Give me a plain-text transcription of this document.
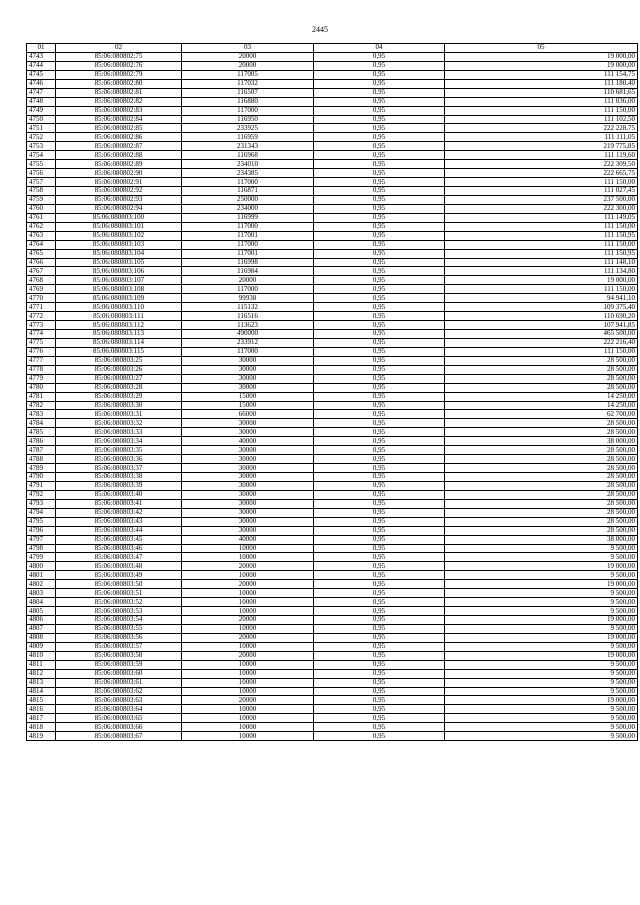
2445
01	02	03	04	05
4743	85:06:080802:75	20000	0,95	19 000,00
4744	85:06:080802:76	20000	0,95	19 000,00
4745	85:06:080802:79	117005	0,95	111 154,75
4746	85:06:080802:80	117032	0,95	111 180,40
4747	85:06:080802:81	116507	0,95	110 681,65
4748	85:06:080802:82	116880	0,95	111 036,00
4749	85:06:080802:83	117000	0,95	111 150,00
4750	85:06:080802:84	116950	0,95	111 102,50
4751	85:06:080802:85	233925	0,95	222 228,75
4752	85:06:080802:86	116959	0,95	111 111,05
4753	85:06:080802:87	231343	0,95	219 775,85
4754	85:06:080802:88	116968	0,95	111 119,60
4755	85:06:080802:89	234010	0,95	222 309,50
4756	85:06:080802:90	234385	0,95	222 665,75
4757	85:06:080802:91	117000	0,95	111 150,00
4758	85:06:080802:92	116871	0,95	111 027,45
4759	85:06:080802:93	250000	0,95	237 500,00
4760	85:06:080802:94	234000	0,95	222 300,00
4761	85:06:080803:100	116999	0,95	111 149,05
4762	85:06:080803:101	117000	0,95	111 150,00
4763	85:06:080803:102	117001	0,95	111 150,95
4764	85:06:080803:103	117000	0,95	111 150,00
4765	85:06:080803:104	117001	0,95	111 150,95
4766	85:06:080803:105	116998	0,95	111 148,10
4767	85:06:080803:106	116984	0,95	111 134,80
4768	85:06:080803:107	20000	0,95	19 000,00
4769	85:06:080803:108	117000	0,95	111 150,00
4770	85:06:080803:109	99938	0,95	94 941,10
4771	85:06:080803:110	115132	0,95	109 375,40
4772	85:06:080803:111	116516	0,95	110 690,20
4773	85:06:080803:112	113623	0,95	107 941,85
4774	85:06:080803:113	490000	0,95	465 500,00
4775	85:06:080803:114	233912	0,95	222 216,40
4776	85:06:080803:115	117000	0,95	111 150,00
4777	85:06:080803:25	30000	0,95	28 500,00
4778	85:06:080803:26	30000	0,95	28 500,00
4779	85:06:080803:27	30000	0,95	28 500,00
4780	85:06:080803:28	30000	0,95	28 500,00
4781	85:06:080803:29	15000	0,95	14 250,00
4782	85:06:080803:30	15000	0,95	14 250,00
4783	85:06:080803:31	66000	0,95	62 700,00
4784	85:06:080803:32	30000	0,95	28 500,00
4785	85:06:080803:33	30000	0,95	28 500,00
4786	85:06:080803:34	40000	0,95	38 000,00
4787	85:06:080803:35	30000	0,95	28 500,00
4788	85:06:080803:36	30000	0,95	28 500,00
4789	85:06:080803:37	30000	0,95	28 500,00
4790	85:06:080803:38	30000	0,95	28 500,00
4791	85:06:080803:39	30000	0,95	28 500,00
4792	85:06:080803:40	30000	0,95	28 500,00
4793	85:06:080803:41	30000	0,95	28 500,00
4794	85:06:080803:42	30000	0,95	28 500,00
4795	85:06:080803:43	30000	0,95	28 500,00
4796	85:06:080803:44	30000	0,95	28 500,00
4797	85:06:080803:45	40000	0,95	38 000,00
4798	85:06:080803:46	10000	0,95	9 500,00
4799	85:06:080803:47	10000	0,95	9 500,00
4800	85:06:080803:48	20000	0,95	19 000,00
4801	85:06:080803:49	10000	0,95	9 500,00
4802	85:06:080803:50	20000	0,95	19 000,00
4803	85:06:080803:51	10000	0,95	9 500,00
4804	85:06:080803:52	10000	0,95	9 500,00
4805	85:06:080803:53	10000	0,95	9 500,00
4806	85:06:080803:54	20000	0,95	19 000,00
4807	85:06:080803:55	10000	0,95	9 500,00
4808	85:06:080803:56	20000	0,95	19 000,00
4809	85:06:080803:57	10000	0,95	9 500,00
4810	85:06:080803:58	20000	0,95	19 000,00
4811	85:06:080803:59	10000	0,95	9 500,00
4812	85:06:080803:60	10000	0,95	9 500,00
4813	85:06:080803:61	10000	0,95	9 500,00
4814	85:06:080803:62	10000	0,95	9 500,00
4815	85:06:080803:63	20000	0,95	19 000,00
4816	85:06:080803:64	10000	0,95	9 500,00
4817	85:06:080803:65	10000	0,95	9 500,00
4818	85:06:080803:66	10000	0,95	9 500,00
4819	85:06:080803:67	10000	0,95	9 500,00
